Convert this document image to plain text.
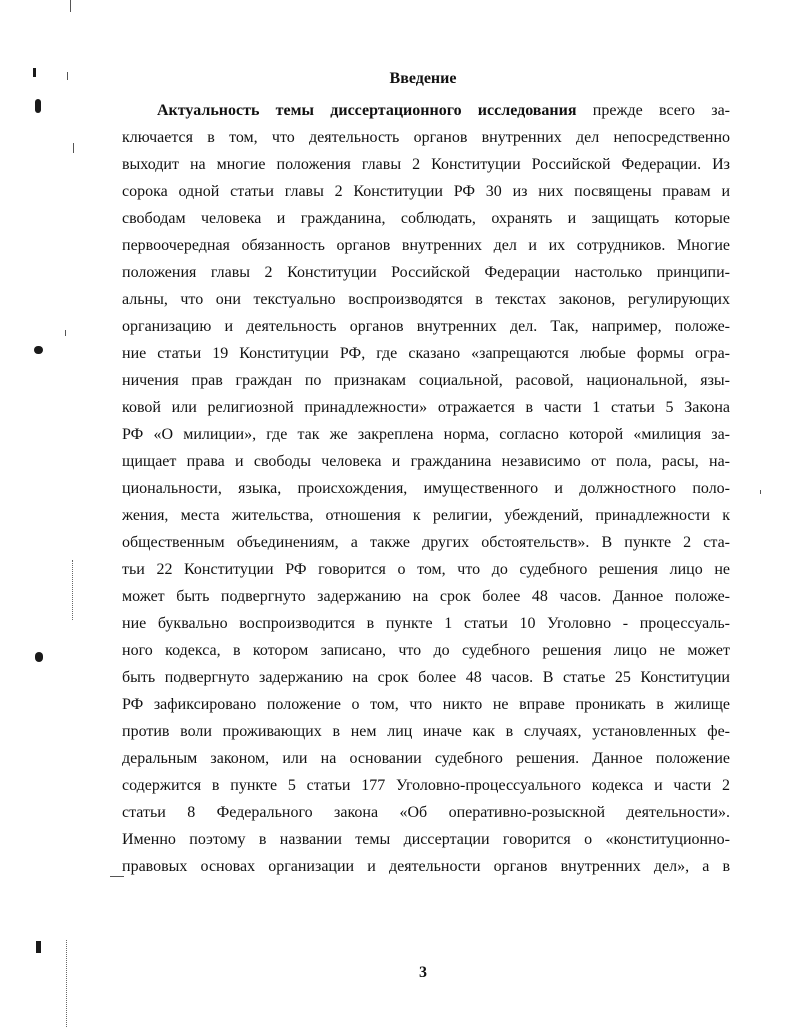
Введение
Актуальность темы диссертационного исследования прежде всего за-
ключается в том, что деятельность органов внутренних дел непосредственно
выходит на многие положения главы 2 Конституции Российской Федерации. Из
сорока одной статьи главы 2 Конституции РФ 30 из них посвящены правам и
свободам человека и гражданина, соблюдать, охранять и защищать которые
первоочередная обязанность органов внутренних дел и их сотрудников. Многие
положения главы 2 Конституции Российской Федерации настолько принципи-
альны, что они текстуально воспроизводятся в текстах законов, регулирующих
организацию и деятельность органов внутренних дел. Так, например, положе-
ние статьи 19 Конституции РФ, где сказано «запрещаются любые формы огра-
ничения прав граждан по признакам социальной, расовой, национальной, язы-
ковой или религиозной принадлежности» отражается в части 1 статьи 5 Закона
РФ «О милиции», где так же закреплена норма, согласно которой «милиция за-
щищает права и свободы человека и гражданина независимо от пола, расы, на-
циональности, языка, происхождения, имущественного и должностного поло-
жения, места жительства, отношения к религии, убеждений, принадлежности к
общественным объединениям, а также других обстоятельств». В пункте 2 ста-
тьи 22 Конституции РФ говорится о том, что до судебного решения лицо не
может быть подвергнуто задержанию на срок более 48 часов. Данное положе-
ние буквально воспроизводится в пункте 1 статьи 10 Уголовно - процессуаль-
ного кодекса, в котором записано, что до судебного решения лицо не может
быть подвергнуто задержанию на срок более 48 часов. В статье 25 Конституции
РФ зафиксировано положение о том, что никто не вправе проникать в жилище
против воли проживающих в нем лиц иначе как в случаях, установленных фе-
деральным законом, или на основании судебного решения. Данное положение
содержится в пункте 5 статьи 177 Уголовно-процессуального кодекса и части 2
статьи 8 Федерального закона «Об оперативно-розыскной деятельности».
Именно поэтому в названии темы диссертации говорится о «конституционно-
правовых основах организации и деятельности органов внутренних дел», а в
3
